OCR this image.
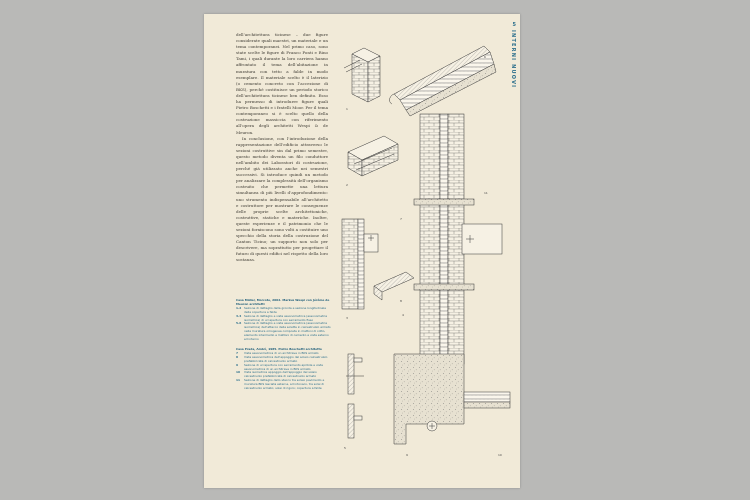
5
INTERNI NUOVI

dell’architettura ticinese – due figure considerate quali maestri, un materiale e un tema contemporanei. Nel primo caso, sono state scelte le figure di Franco Ponti e Rino Tami, i quali durante la loro carriera hanno affrontato il tema dell’abitazione in muratura con tetto a falde in modo esemplare. Il materiale scelto è il laterizio (o cemento concreto con l’accezione di BKS), perché costituisce un periodo storico dell’architettura ticinese ben definito. Esso ha permesso di introdurre figure quali Pietro Boschetti e i fratelli Moor. Per il tema contemporaneo si è scelto quello della costruzione massiccia con riferimento all’opera degli architetti Wespi & de Meuron.

In conclusione, con l’introduzione della rappresentazione dell’edificio attraverso le sezioni costruttive sin dal primo semestre, questo metodo diventa un filo conduttore nell’ambito dei Laboratori di costruzione, perché già utilizzato anche nei semestri successivi. Si introduce quindi un metodo per analizzare la complessità dell’organismo costruito che permette una lettura simultanea di più livelli d’approfondimento: uno strumento indispensabile all’architetto e costruttore per mostrare le conseguenze delle proprie scelte architettoniche, costruttive, statiche e materiche. Inoltre, queste esperienze e il patrimonio che le sezioni forniscono sono volti a costituire uno specchio della storia della costruzione del Canton Ticino; un supporto non solo per descrivere, ma soprattutto per progettare il futuro di questi edifici nel rispetto della loro sostanza.

Casa Müller, Morcote, 2002. Markus Wespi con Jérôme de Meuron architetti
1-2 Sezione di dettaglio della gronda e sezione longitudinale della copertura a falde
3-4 Sezione di dettaglio e vista assonometrica (assonometria isometrica) di un’apertura con serramento fisso
5-6 Sezione di dettaglio e vista assonometrica (assonometria isometrica) dell’attacco della soletta in calcestruzzo armato nella muratura omogenea composta in mattoni di cotto, elemento intermedio e mattoni di cemento a vista esterno ed interno
Casa Prada, Ambrì, 1985. Pietro Boschetti architetto
7	Vista assonometrica di un architrave in BKS armato
8	Vista assonometrica dell’appoggio del solaio calcestruzzo prefabbricata di calcestruzzo armato
9	Sezione di un’apertura con serramento apribile e vista assonometrica di un architrave in BKS armato
10	Vista isometrica appoggio dell’appoggio del solaio calcestruzzo prefabbricata di calcestruzzo armato
11	Sezione di dettaglio dello stacco tra solaio pavimento e muratura BKS lasciata esterna, ad intonaco, tra solai di calcestruzzo armato; solai di rigoro; copertura a falde
1
2
3
4
5
6
7
8
9	10
11
